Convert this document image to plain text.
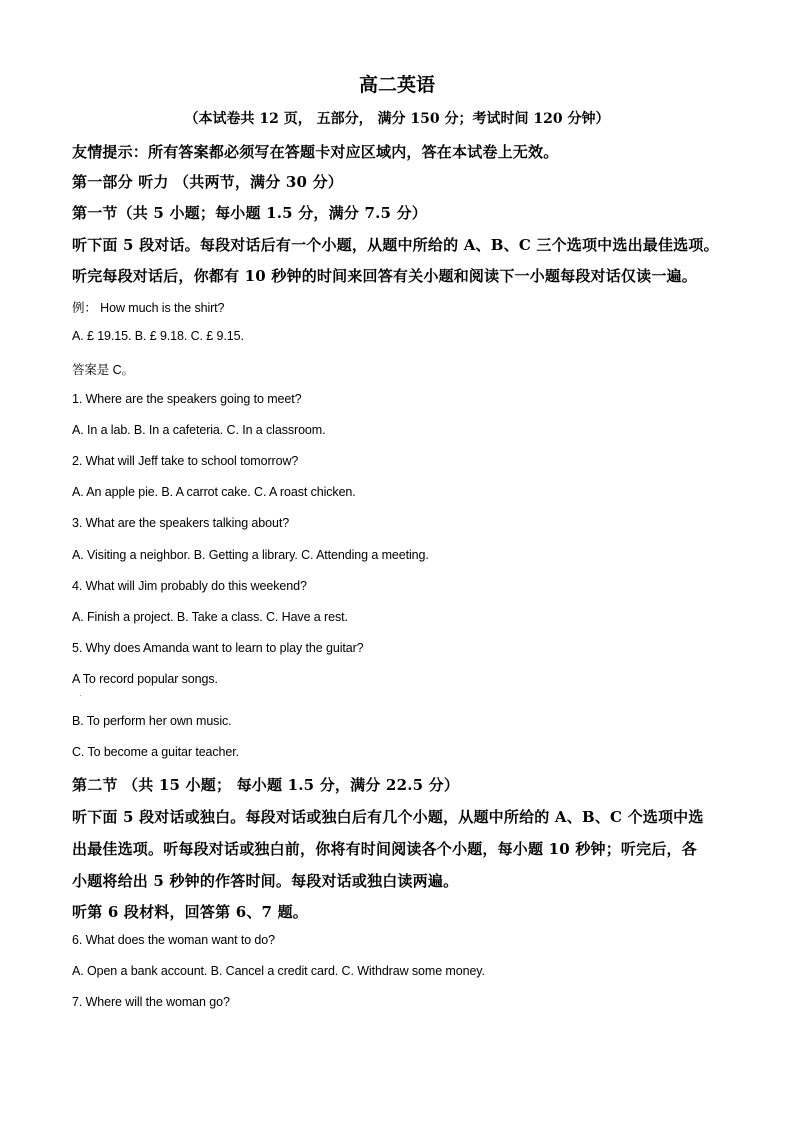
高二英语
（本试卷共 12 页， 五部分， 满分 150 分；考试时间 120 分钟）
友情提示：所有答案都必须写在答题卡对应区域内，答在本试卷上无效。
第一部分 听力 （共两节，满分 30 分）
第一节（共 5 小题；每小题 1.5 分，满分 7.5 分）
听下面 5 段对话。每段对话后有一个小题，从题中所给的 A、B、C 三个选项中选出最佳选项。
听完每段对话后，你都有 10 秒钟的时间来回答有关小题和阅读下一小题每段对话仅读一遍。
例： How much is the shirt?
A. £ 19.15. B. £ 9.18. C. £ 9.15.
答案是 C。
1. Where are the speakers going to meet?
A. In a lab. B. In a cafeteria. C. In a classroom.
2. What will Jeff take to school tomorrow?
A. An apple pie. B. A carrot cake. C. A roast chicken.
3. What are the speakers talking about?
A. Visiting a neighbor. B. Getting a library. C. Attending a meeting.
4. What will Jim probably do this weekend?
A. Finish a project. B. Take a class. C. Have a rest.
5. Why does Amanda want to learn to play the guitar?
A To record popular songs.
.
B. To perform her own music.
C. To become a guitar teacher.
第二节 （共 15 小题； 每小题 1.5 分，满分 22.5 分）
听下面 5 段对话或独白。每段对话或独白后有几个小题，从题中所给的 A、B、C 个选项中选
出最佳选项。听每段对话或独白前，你将有时间阅读各个小题，每小题 10 秒钟；听完后，各
小题将给出 5 秒钟的作答时间。每段对话或独白读两遍。
听第 6 段材料，回答第 6、7 题。
6. What does the woman want to do?
A. Open a bank account. B. Cancel a credit card. C. Withdraw some money.
7. Where will the woman go?
